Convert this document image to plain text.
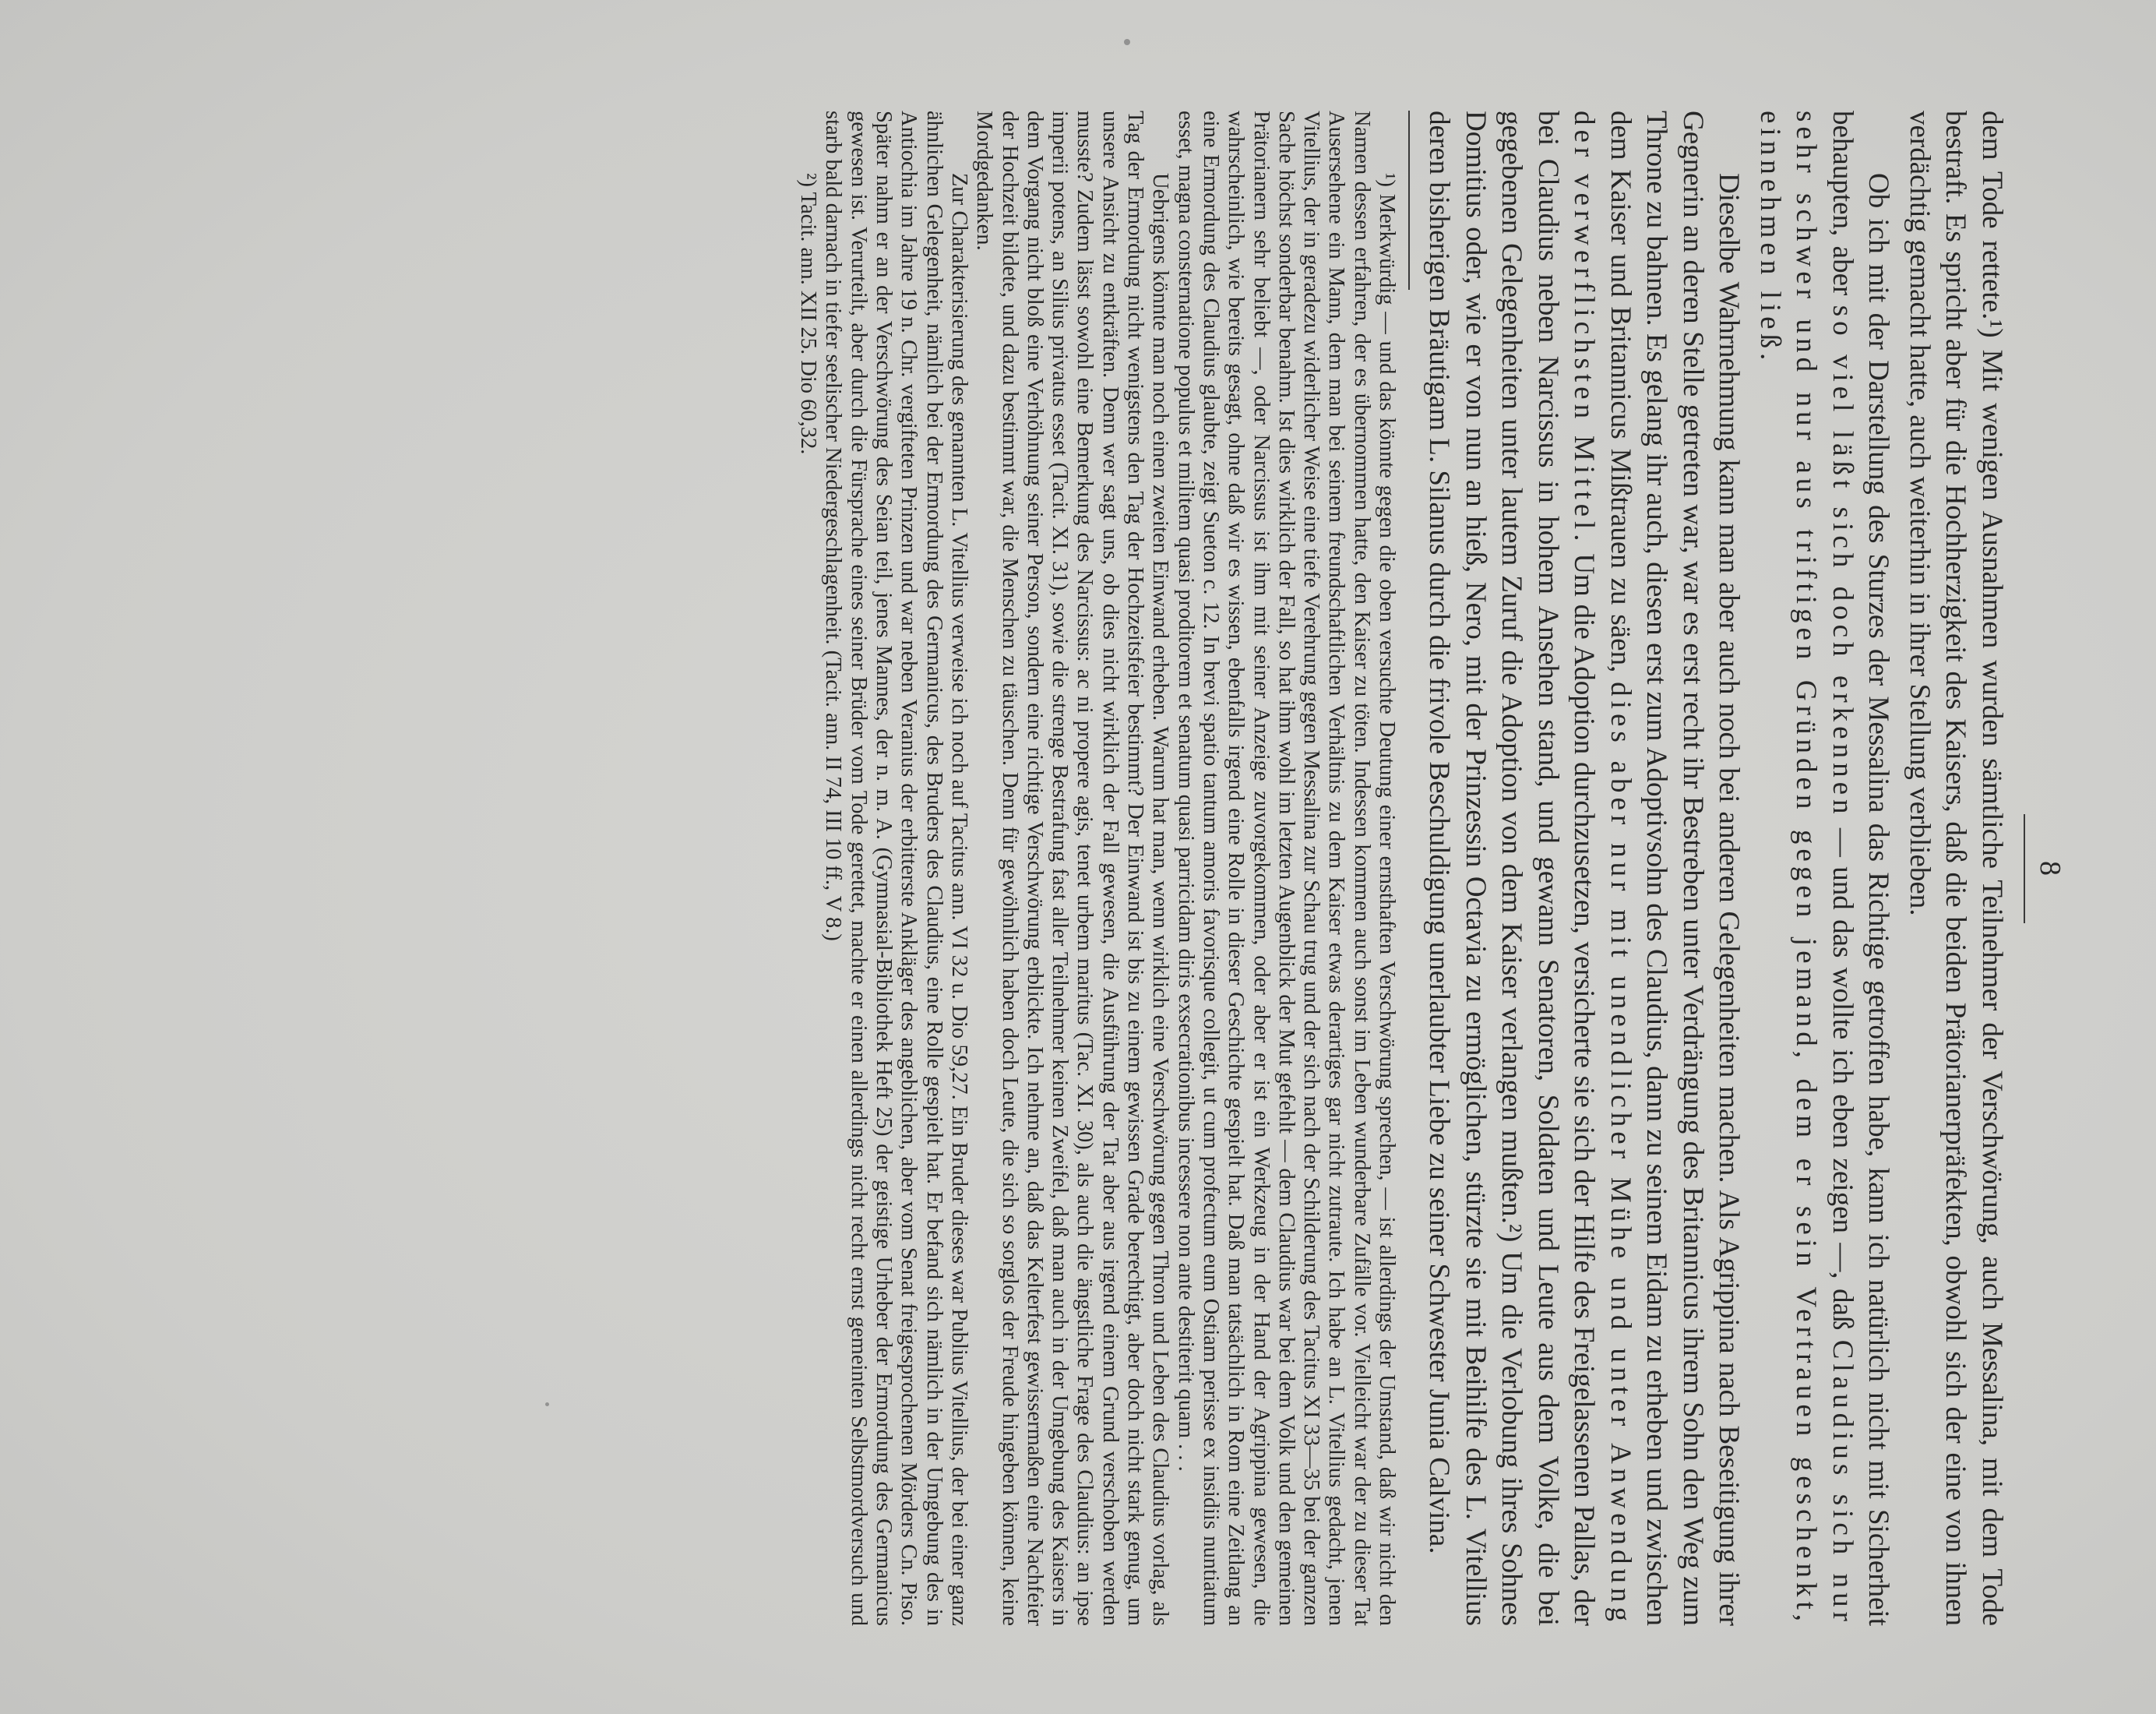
8

dem Tode rettete.¹) Mit wenigen Ausnahmen wurden sämtliche Teilnehmer der Verschwörung, auch Messalina, mit dem Tode bestraft. Es spricht aber für die Hochherzigkeit des Kaisers, daß die beiden Prätorianerpräfekten, obwohl sich der eine von ihnen verdächtig gemacht hatte, auch weiterhin in ihrer Stellung verblieben.

Ob ich mit der Darstellung des Sturzes der Messalina das Richtige getroffen habe, kann ich natürlich nicht mit Sicherheit behaupten, aber so viel läßt sich doch erkennen — und das wollte ich eben zeigen —, daß Claudius sich nur sehr schwer und nur aus triftigen Gründen gegen jemand, dem er sein Vertrauen geschenkt, einnehmen ließ.

Dieselbe Wahrnehmung kann man aber auch noch bei anderen Gelegenheiten machen. Als Agrippina nach Beseitigung ihrer Gegnerin an deren Stelle getreten war, war es erst recht ihr Bestreben unter Verdrängung des Britannicus ihrem Sohn den Weg zum Throne zu bahnen. Es gelang ihr auch, diesen erst zum Adoptivsohn des Claudius, dann zu seinem Eidam zu erheben und zwischen dem Kaiser und Britannicus Mißtrauen zu säen, dies aber nur mit unendlicher Mühe und unter Anwendung der verwerflichsten Mittel. Um die Adoption durchzusetzen, versicherte sie sich der Hilfe des Freigelassenen Pallas, der bei Claudius neben Narcissus in hohem Ansehen stand, und gewann Senatoren, Soldaten und Leute aus dem Volke, die bei gegebenen Gelegenheiten unter lautem Zuruf die Adoption von dem Kaiser verlangen mußten.²) Um die Verlobung ihres Sohnes Domitius oder, wie er von nun an hieß, Nero, mit der Prinzessin Octavia zu ermöglichen, stürzte sie mit Beihilfe des L. Vitellius deren bisherigen Bräutigam L. Silanus durch die frivole Beschuldigung unerlaubter Liebe zu seiner Schwester Junia Calvina.

¹) Merkwürdig — und das könnte gegen die oben versuchte Deutung einer ernsthaften Verschwörung sprechen, — ist allerdings der Umstand, daß wir nicht den Namen dessen erfahren, der es übernommen hatte, den Kaiser zu töten. Indessen kommen auch sonst im Leben wunderbare Zufälle vor. Vielleicht war der zu dieser Tat Ausersehene ein Mann, dem man bei seinem freundschaftlichen Verhältnis zu dem Kaiser etwas derartiges gar nicht zutraute. Ich habe an L. Vitellius gedacht, jenen Vitellius, der in geradezu widerlicher Weise eine tiefe Verehrung gegen Messalina zur Schau trug und der sich nach der Schilderung des Tacitus XI 33—35 bei der ganzen Sache höchst sonderbar benahm. Ist dies wirklich der Fall, so hat ihm wohl im letzten Augenblick der Mut gefehlt — dem Claudius war bei dem Volk und den gemeinen Prätorianern sehr beliebt —, oder Narcissus ist ihm mit seiner Anzeige zuvorgekommen, oder aber er ist ein Werkzeug in der Hand der Agrippina gewesen, die wahrscheinlich, wie bereits gesagt, ohne daß wir es wissen, ebenfalls irgend eine Rolle in dieser Geschichte gespielt hat. Daß man tatsächlich in Rom eine Zeitlang an eine Ermordung des Claudius glaubte, zeigt Sueton c. 12. In brevi spatio tantum amoris favorisque collegit, ut cum profectum eum Ostiam perisse ex insidiis nuntiatum esset, magna consternatione populus et militem quasi proditorem et senatum quasi parricidam diris exsecrationibus incessere non ante destiterit quam . . .

Uebrigens könnte man noch einen zweiten Einwand erheben. Warum hat man, wenn wirklich eine Verschwörung gegen Thron und Leben des Claudius vorlag, als Tag der Ermordung nicht wenigstens den Tag der Hochzeitsfeier bestimmt? Der Einwand ist bis zu einem gewissen Grade berechtigt, aber doch nicht stark genug, um unsere Ansicht zu entkräften. Denn wer sagt uns, ob dies nicht wirklich der Fall gewesen, die Ausführung der Tat aber aus irgend einem Grund verschoben werden musste? Zudem lässt sowohl eine Bemerkung des Narcissus: ac ni propere agis, tenet urbem maritus (Tac. XI. 30), als auch die ängstliche Frage des Claudius: an ipse imperii potens, an Silius privatus esset (Tacit. XI. 31), sowie die strenge Bestrafung fast aller Teilnehmer keinen Zweifel, daß man auch in der Umgebung des Kaisers in dem Vorgang nicht bloß eine Verhöhnung seiner Person, sondern eine richtige Verschwörung erblickte. Ich nehme an, daß das Kelterfest gewissermaßen eine Nachfeier der Hochzeit bildete, und dazu bestimmt war, die Menschen zu täuschen. Denn für gewöhnlich haben doch Leute, die sich so sorglos der Freude hingeben können, keine Mordgedanken.

Zur Charakterisierung des genannten L. Vitellius verweise ich noch auf Tacitus ann. VI 32 u. Dio 59,27. Ein Bruder dieses war Publius Vitellius, der bei einer ganz ähnlichen Gelegenheit, nämlich bei der Ermordung des Germanicus, des Bruders des Claudius, eine Rolle gespielt hat. Er befand sich nämlich in der Umgebung des in Antiochia im Jahre 19 n. Chr. vergifteten Prinzen und war neben Veranius der erbitterste Ankläger des angeblichen, aber vom Senat freigesprochenen Mörders Cn. Piso. Später nahm er an der Verschwörung des Seian teil, jenes Mannes, der n. m. A. (Gymnasial-Bibliothek Heft 25) der geistige Urheber der Ermordung des Germanicus gewesen ist. Verurteilt, aber durch die Fürsprache eines seiner Brüder vom Tode gerettet, machte er einen allerdings nicht recht ernst gemeinten Selbstmordversuch und starb bald darnach in tiefer seelischer Niedergeschlagenheit. (Tacit. ann. II 74, III 10 ff., V 8.)

²) Tacit. ann. XII 25. Dio 60,32.
